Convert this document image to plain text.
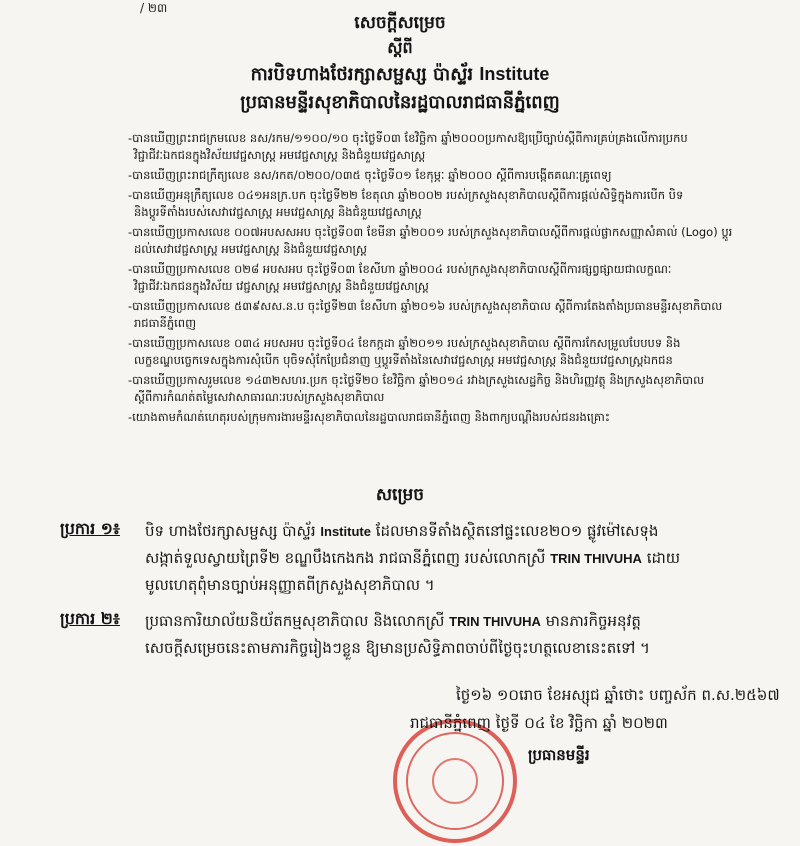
/ ២៣
សេចក្តីសម្រេច
ស្តីពី
ការបិទហាងថែរក្សាសម្ផស្ស ប៉ាស្ទ័រ Institute
ប្រធានមន្ទីរសុខាភិបាលនៃរដ្ឋបាលរាជធានីភ្នំពេញ
-បានឃើញព្រះរាជក្រមលេខ នស/រកម/១១០០/១០ ចុះថ្ងៃទី០៣ ខែវិច្ឆិកា ឆ្នាំ២០០០ប្រកាសឱ្យប្រើច្បាប់ស្តីពីការគ្រប់គ្រងលើការប្រកប
វិជ្ជាជីវៈឯកជនក្នុងវិស័យវេជ្ជសាស្ត្រ អមវេជ្ជសាស្ត្រ និងជំនួយវេជ្ជសាស្ត្រ
-បានឃើញព្រះរាជក្រឹត្យលេខ នស/រកត/០២០០/០៣៥ ចុះថ្ងៃទី០១ ខែកុម្ភៈ ឆ្នាំ២០០០ ស្តីពីការបង្កើតគណៈគ្រូពេទ្យ
-បានឃើញអនុក្រឹត្យលេខ ០៤១អនក្រ.បក ចុះថ្ងៃទី២២ ខែតុលា ឆ្នាំ២០០២ របស់ក្រសួងសុខាភិបាលស្តីពីការផ្តល់សិទ្ធិក្នុងការបើក បិទ
និងប្តូរទីតាំងរបស់សេវាវេជ្ជសាស្ត្រ អមវេជ្ជសាស្ត្រ និងជំនួយវេជ្ជសាស្ត្រ
-បានឃើញប្រកាសលេខ ០០៧អបសសអប ចុះថ្ងៃទី០៣ ខែមីនា ឆ្នាំ២០០១ របស់ក្រសួងសុខាភិបាលស្តីពីការផ្តល់ផ្លាកសញ្ញាសំគាល់ (Logo) ប្តូរ
ដល់សេវាវេជ្ជសាស្ត្រ អមវេជ្ជសាស្ត្រ និងជំនួយវេជ្ជសាស្ត្រ
-បានឃើញប្រកាសលេខ ០២៨ អបសអប ចុះថ្ងៃទី០៣ ខែសីហា ឆ្នាំ២០០៤ របស់ក្រសួងសុខាភិបាលស្តីពីការផ្សព្វផ្សាយជាលក្ខណៈ
វិជ្ជាជីវៈឯកជនក្នុងវិស័យ វេជ្ជសាស្ត្រ អមវេជ្ជសាស្ត្រ និងជំនួយវេជ្ជសាស្ត្រ
-បានឃើញប្រកាសលេខ ៥៣៩សស.ន.ប ចុះថ្ងៃទី២៣ ខែសីហា ឆ្នាំ២០១៦ របស់ក្រសួងសុខាភិបាល ស្តីពីការតែងតាំងប្រធានមន្ទីរសុខាភិបាល
រាជធានីភ្នំពេញ
-បានឃើញប្រកាសលេខ ០៣៤ អបសអប ចុះថ្ងៃទី០៤ ខែកក្កដា ឆ្នាំ២០១១ របស់ក្រសួងសុខាភិបាល ស្តីពីការកែសម្រួលបែបបទ និង
លក្ខខណ្ឌបច្ចេកទេសក្នុងការសុំបើក បុចិទសុំកែប្រែជំនាញ ឬប្តូរទីតាំងនៃសេវាវេជ្ជសាស្ត្រ អមវេជ្ជសាស្ត្រ និងជំនួយវេជ្ជសាស្ត្រឯកជន
-បានឃើញប្រកាសរួមលេខ ១៤៣២សហរ.ប្រក ចុះថ្ងៃទី២០ ខែវិច្ឆិកា ឆ្នាំ២០១៤ រវាងក្រសួងសេដ្ឋកិច្ច និងហិរញ្ញវត្ថុ និងក្រសួងសុខាភិបាល
ស្តីពីការកំណត់តម្លៃសេវាសាធារណៈរបស់ក្រសួងសុខាភិបាល
-យោងតាមកំណត់ហេតុរបស់ក្រុមការងារមន្ទីរសុខាភិបាលនៃរដ្ឋបាលរាជធានីភ្នំពេញ និងពាក្យបណ្តឹងរបស់ជនរងគ្រោះ
សម្រេច
ប្រការ ១៖ បិទ ហាងថែរក្សាសម្ផស្ស ប៉ាស្ទ័រ Institute ដែលមានទីតាំងស្ថិតនៅផ្ទះលេខ២០១ ផ្លូវម៉ៅសេទុង
សង្កាត់ទួលស្វាយព្រៃទី២ ខណ្ឌបឹងកេងកង រាជធានីភ្នំពេញ របស់លោកស្រី TRIN THIVUHA ដោយ
មូលហេតុពុំមានច្បាប់អនុញ្ញាតពីក្រសួងសុខាភិបាល ។
ប្រការ ២៖ ប្រធានការិយាល័យនិយ័តកម្មសុខាភិបាល និងលោកស្រី TRIN THIVUHA មានភារកិច្ចអនុវត្ត
សេចក្តីសម្រេចនេះតាមភារកិច្ចរៀងៗខ្លួន ឱ្យមានប្រសិទ្ធិភាពចាប់ពីថ្ងៃចុះហត្ថលេខានេះតទៅ ។
ថ្ងៃ១៦ ១០រោច ខែអស្សុជ ឆ្នាំថោះ បញ្ចស័ក ព.ស.២៥៦៧
រាជធានីភ្នំពេញ ថ្ងៃទី ០៤ ខែ វិច្ឆិកា ឆ្នាំ ២០២៣
ប្រធានមន្ទីរ
